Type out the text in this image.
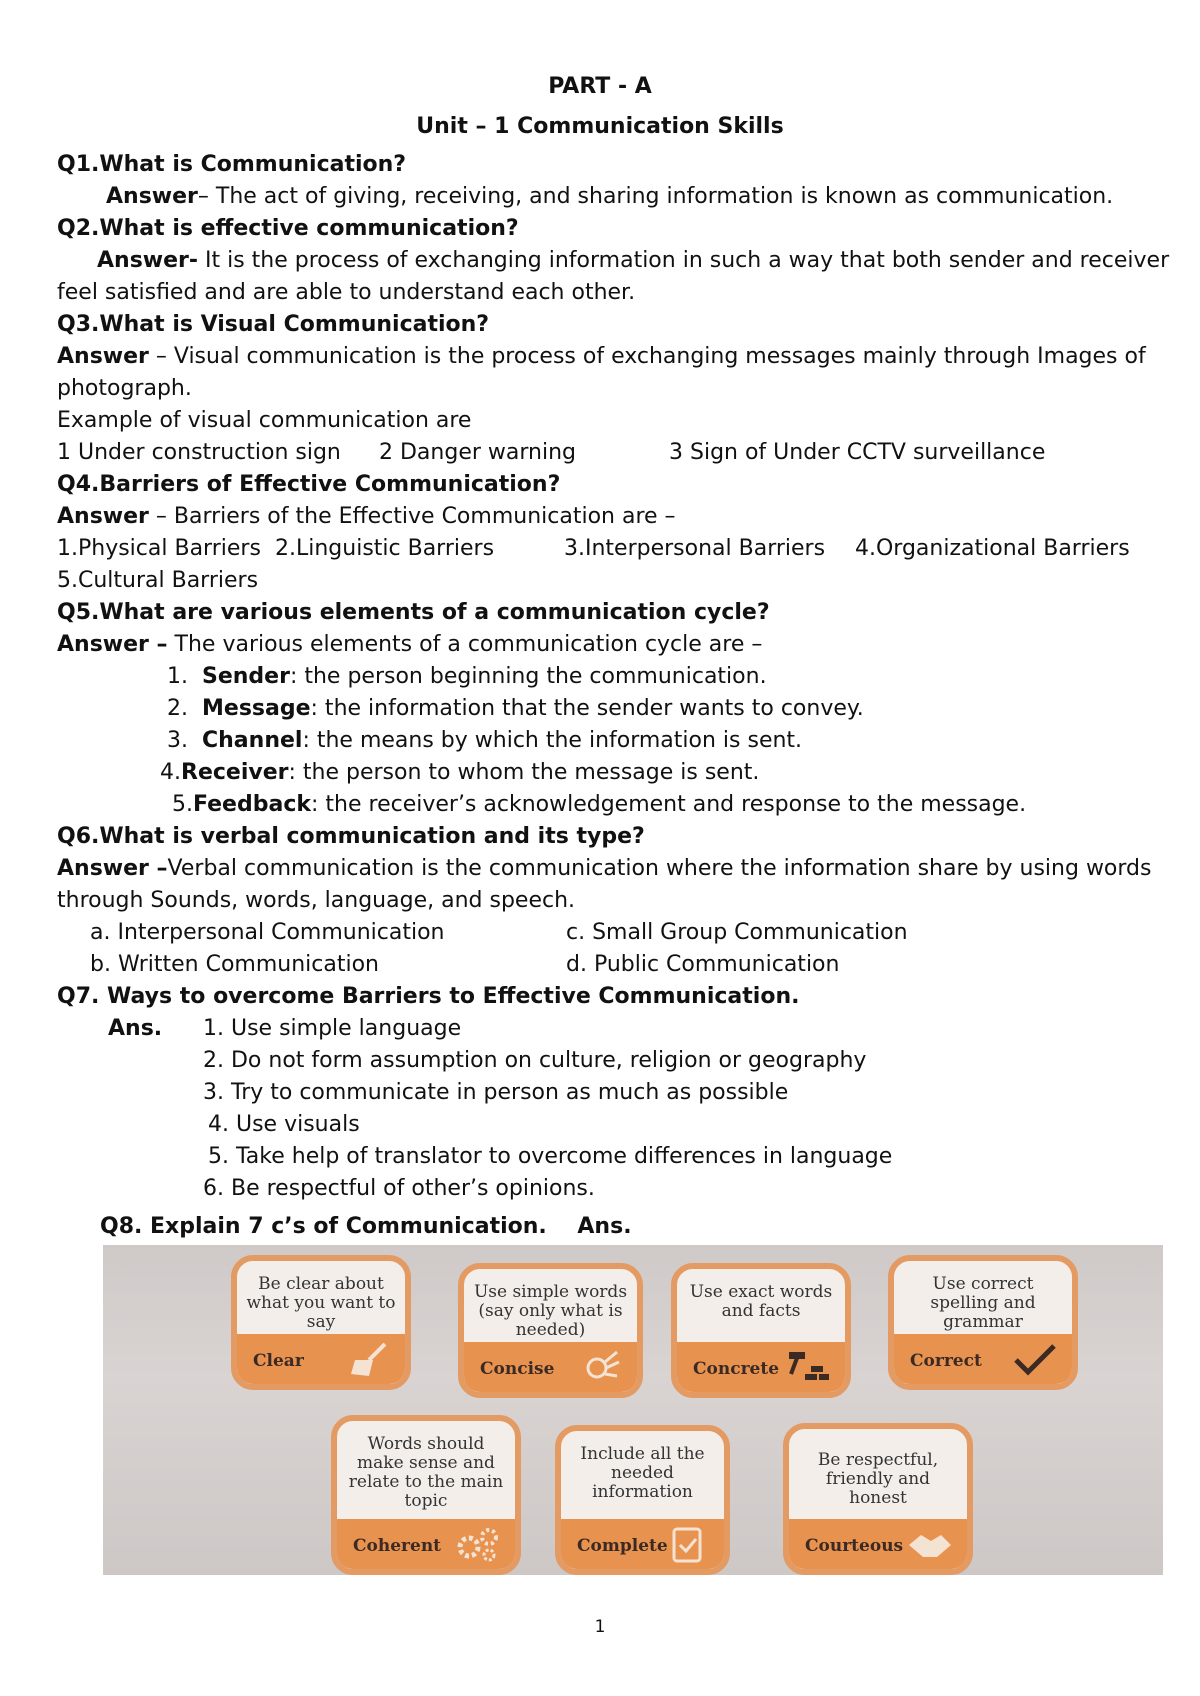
PART - A
Unit – 1 Communication Skills
Q1.What is Communication?
Answer– The act of giving, receiving, and sharing information is known as communication.
Q2.What is effective communication?
Answer- It is the process of exchanging information in such a way that both sender and receiver
feel satisfied and are able to understand each other.
Q3.What is Visual Communication?
Answer – Visual communication is the process of exchanging messages mainly through Images of
photograph.
Example of visual communication are
1 Under construction sign 2 Danger warning	3 Sign of Under CCTV surveillance
Q4.Barriers of Effective Communication?
Answer – Barriers of the Effective Communication are –
1.Physical Barriers 2.Linguistic Barriers	3.Interpersonal Barriers 4.Organizational Barriers
5.Cultural Barriers
Q5.What are various elements of a communication cycle?
Answer – The various elements of a communication cycle are –
1. Sender: the person beginning the communication.
2. Message: the information that the sender wants to convey.
3. Channel: the means by which the information is sent.
4.Receiver: the person to whom the message is sent.
5.Feedback: the receiver’s acknowledgement and response to the message.
Q6.What is verbal communication and its type?
Answer –Verbal communication is the communication where the information share by using words
through Sounds, words, language, and speech.
a. Interpersonal Communication	c. Small Group Communication
b. Written Communication	d. Public Communication
Q7. Ways to overcome Barriers to Effective Communication.
Ans. 1. Use simple language
2. Do not form assumption on culture, religion or geography
3. Try to communicate in person as much as possible
4. Use visuals
5. Take help of translator to overcome differences in language
6. Be respectful of other’s opinions.
Q8. Explain 7 c’s of Communication. Ans.
Be clear about what you want to say
Clear
Use simple words (say only what is needed)
Concise
Use exact words and facts
Concrete
Use correct spelling and grammar
Correct
Words should make sense and relate to the main topic
Coherent
Include all the needed information
Complete
Be respectful, friendly and honest
Courteous
1
